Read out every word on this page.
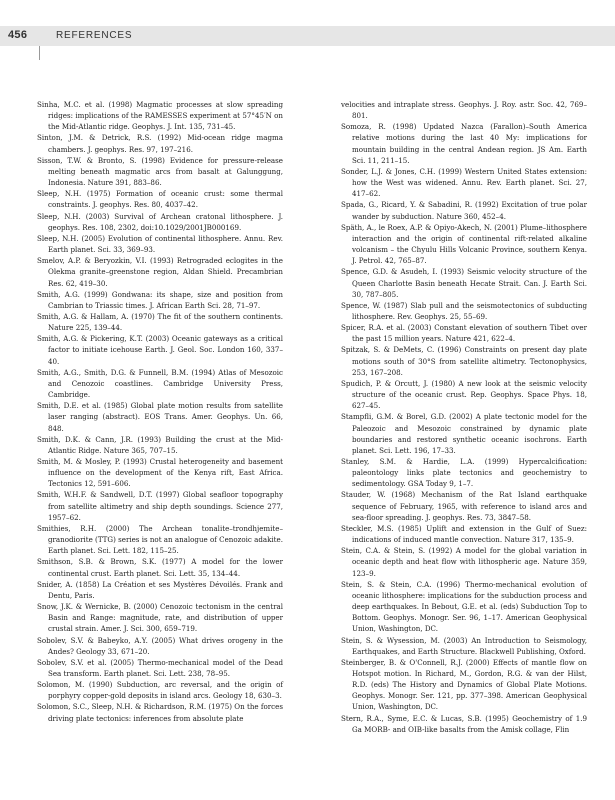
456	REFERENCES

Sinha, M.C. et al. (1998) Magmatic processes at slow spreading ridges: implications of the RAMESSES experiment at 57°45′N on the Mid-Atlantic ridge. Geophys. J. Int. 135, 731–45.

Sinton, J.M. & Detrick, R.S. (1992) Mid-ocean ridge magma chambers. J. geophys. Res. 97, 197–216.

Sisson, T.W. & Bronto, S. (1998) Evidence for pressure-release melting beneath magmatic arcs from basalt at Galunggung, Indonesia. Nature 391, 883–86.

Sleep, N.H. (1975) Formation of oceanic crust: some thermal constraints. J. geophys. Res. 80, 4037–42.

Sleep, N.H. (2003) Survival of Archean cratonal lithosphere. J. geophys. Res. 108, 2302, doi:10.1029/2001JB000169.

Sleep, N.H. (2005) Evolution of continental lithosphere. Annu. Rev. Earth planet. Sci. 33, 369–93.

Smelov, A.P. & Beryozkin, V.I. (1993) Retrograded eclogites in the Olekma granite–greenstone region, Aldan Shield. Precambrian Res. 62, 419–30.

Smith, A.G. (1999) Gondwana: its shape, size and position from Cambrian to Triassic times. J. African Earth Sci. 28, 71–97.

Smith, A.G. & Hallam, A. (1970) The fit of the southern continents. Nature 225, 139–44.

Smith, A.G. & Pickering, K.T. (2003) Oceanic gateways as a critical factor to initiate icehouse Earth. J. Geol. Soc. London 160, 337–40.

Smith, A.G., Smith, D.G. & Funnell, B.M. (1994) Atlas of Mesozoic and Cenozoic coastlines. Cambridge University Press, Cambridge.

Smith, D.E. et al. (1985) Global plate motion results from satellite laser ranging (abstract). EOS Trans. Amer. Geophys. Un. 66, 848.

Smith, D.K. & Cann, J.R. (1993) Building the crust at the Mid-Atlantic Ridge. Nature 365, 707–15.

Smith, M. & Mosley, P. (1993) Crustal heterogeneity and basement influence on the development of the Kenya rift, East Africa. Tectonics 12, 591–606.

Smith, W.H.F. & Sandwell, D.T. (1997) Global seafloor topography from satellite altimetry and ship depth soundings. Science 277, 1957–62.

Smithies, R.H. (2000) The Archean tonalite–trondhjemite–granodiorite (TTG) series is not an analogue of Cenozoic adakite. Earth planet. Sci. Lett. 182, 115–25.

Smithson, S.B. & Brown, S.K. (1977) A model for the lower continental crust. Earth planet. Sci. Lett. 35, 134–44.

Snider, A. (1858) La Création et ses Mystères Dévoilés. Frank and Dentu, Paris.

Snow, J.K. & Wernicke, B. (2000) Cenozoic tectonism in the central Basin and Range: magnitude, rate, and distribution of upper crustal strain. Amer. J. Sci. 300, 659–719.

Sobolev, S.V. & Babeyko, A.Y. (2005) What drives orogeny in the Andes? Geology 33, 671–20.

Sobolev, S.V. et al. (2005) Thermo-mechanical model of the Dead Sea transform. Earth planet. Sci. Lett. 238, 78–95.

Solomon, M. (1990) Subduction, arc reversal, and the origin of porphyry copper-gold deposits in island arcs. Geology 18, 630–3.

Solomon, S.C., Sleep, N.H. & Richardson, R.M. (1975) On the forces driving plate tectonics: inferences from absolute plate

velocities and intraplate stress. Geophys. J. Roy. astr. Soc. 42, 769–801.

Somoza, R. (1998) Updated Nazca (Farallon)–South America relative motions during the last 40 My: implications for mountain building in the central Andean region. JS Am. Earth Sci. 11, 211–15.

Sonder, L.J. & Jones, C.H. (1999) Western United States extension: how the West was widened. Annu. Rev. Earth planet. Sci. 27, 417–62.

Spada, G., Ricard, Y. & Sabadini, R. (1992) Excitation of true polar wander by subduction. Nature 360, 452–4.

Späth, A., le Roex, A.P. & Opiyo-Akech, N. (2001) Plume–lithosphere interaction and the origin of continental rift-related alkaline volcanism – the Chyulu Hills Volcanic Province, southern Kenya. J. Petrol. 42, 765–87.

Spence, G.D. & Asudeh, I. (1993) Seismic velocity structure of the Queen Charlotte Basin beneath Hecate Strait. Can. J. Earth Sci. 30, 787–805.

Spence, W. (1987) Slab pull and the seismotectonics of subducting lithosphere. Rev. Geophys. 25, 55–69.

Spicer, R.A. et al. (2003) Constant elevation of southern Tibet over the past 15 million years. Nature 421, 622–4.

Spitzak, S. & DeMets, C. (1996) Constraints on present day plate motions south of 30°S from satellite altimetry. Tectonophysics, 253, 167–208.

Spudich, P. & Orcutt, J. (1980) A new look at the seismic velocity structure of the oceanic crust. Rep. Geophys. Space Phys. 18, 627–45.

Stampfli, G.M. & Borel, G.D. (2002) A plate tectonic model for the Paleozoic and Mesozoic constrained by dynamic plate boundaries and restored synthetic oceanic isochrons. Earth planet. Sci. Lett. 196, 17–33.

Stanley, S.M. & Hardie, L.A. (1999) Hypercalcification: paleontology links plate tectonics and geochemistry to sedimentology. GSA Today 9, 1–7.

Stauder, W. (1968) Mechanism of the Rat Island earthquake sequence of February, 1965, with reference to island arcs and sea-floor spreading. J. geophys. Res. 73, 3847–58.

Steckler, M.S. (1985) Uplift and extension in the Gulf of Suez: indications of induced mantle convection. Nature 317, 135–9.

Stein, C.A. & Stein, S. (1992) A model for the global variation in oceanic depth and heat flow with lithospheric age. Nature 359, 123–9.

Stein, S. & Stein, C.A. (1996) Thermo-mechanical evolution of oceanic lithosphere: implications for the subduction process and deep earthquakes. In Bebout, G.E. et al. (eds) Subduction Top to Bottom. Geophys. Monogr. Ser. 96, 1–17. American Geophysical Union, Washington, DC.

Stein, S. & Wysession, M. (2003) An Introduction to Seismology, Earthquakes, and Earth Structure. Blackwell Publishing, Oxford.

Steinberger, B. & O'Connell, R.J. (2000) Effects of mantle flow on Hotspot motion. In Richard, M., Gordon, R.G. & van der Hilst, R.D. (eds) The History and Dynamics of Global Plate Motions. Geophys. Monogr. Ser. 121, pp. 377–398. American Geophysical Union, Washington, DC.

Stern, R.A., Syme, E.C. & Lucas, S.B. (1995) Geochemistry of 1.9 Ga MORB- and OIB-like basalts from the Amisk collage, Flin
